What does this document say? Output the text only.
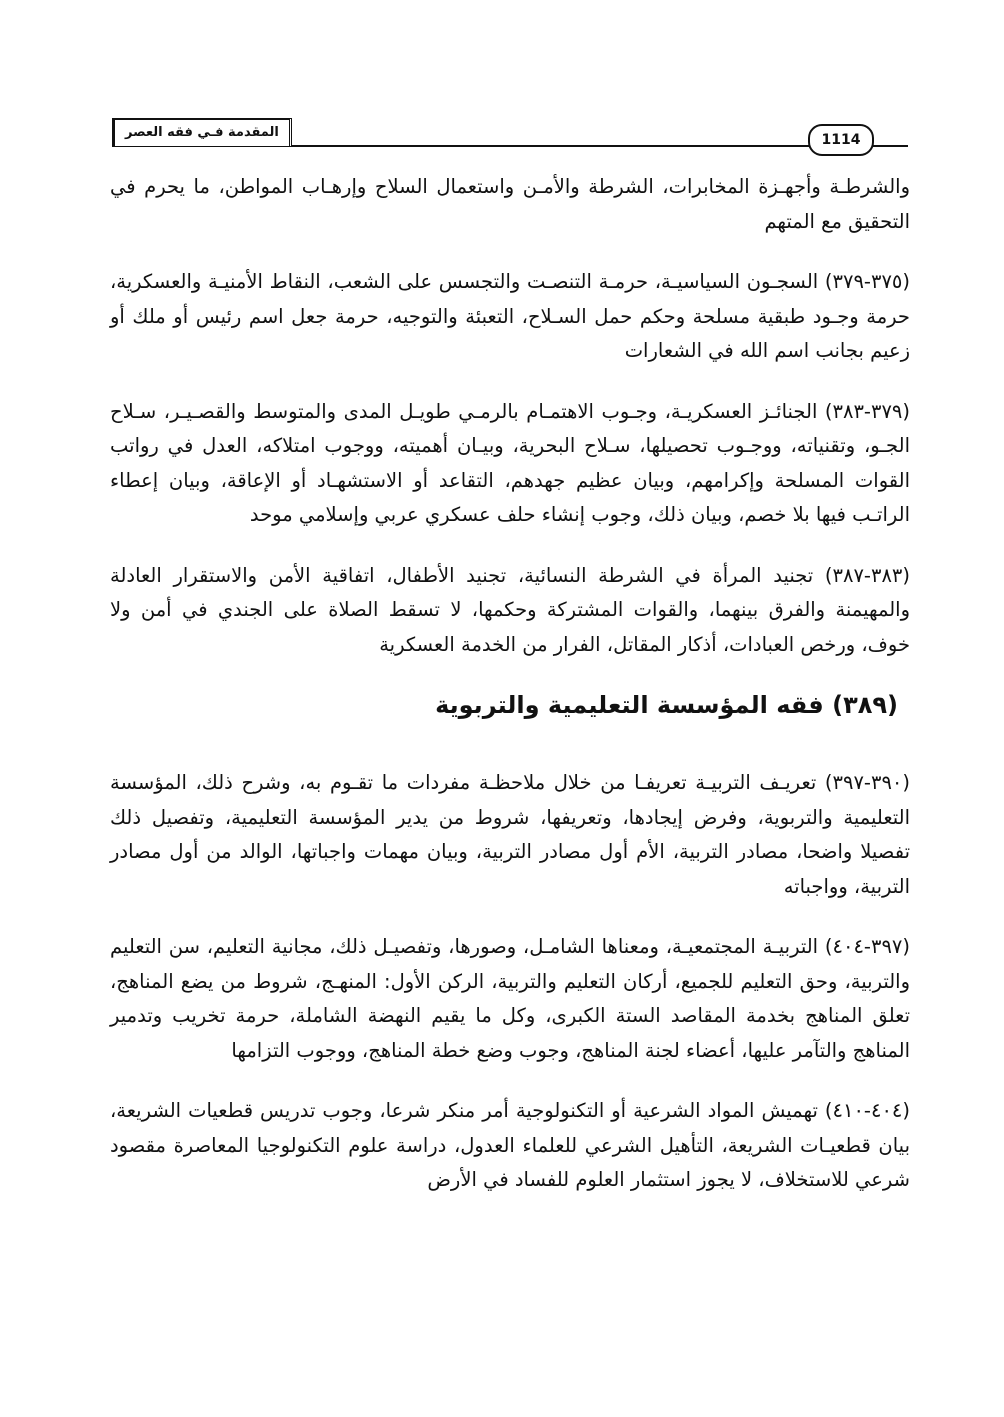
المقدمة فـي فقه العصر	1114

والشرطـة وأجهـزة المخابرات، الشرطة والأمـن واستعمال السلاح وإرهـاب المواطن، ما يحرم في التحقيق مع المتهم

(٣٧٥-٣٧٩) السجـون السياسيـة، حرمـة التنصـت والتجسس على الشعب، النقاط الأمنيـة والعسكرية، حرمة وجـود طبقية مسلحة وحكم حمل السـلاح، التعبئة والتوجيه، حرمة جعل اسم رئيس أو ملك أو زعيم بجانب اسم الله في الشعارات

(٣٧٩-٣٨٣) الجنائـز العسكريـة، وجـوب الاهتمـام بالرمـي طويـل المدى والمتوسط والقصـيـر، سـلاح الجـو، وتقنياته، ووجـوب تحصيلها، سـلاح البحرية، وبيـان أهميته، ووجوب امتلاكه، العدل في رواتب القوات المسلحة وإكرامهم، وبيان عظيم جهدهم، التقاعد أو الاستشهـاد أو الإعاقة، وبيان إعطاء الراتـب فيها بلا خصم، وبيان ذلك، وجوب إنشاء حلف عسكري عربي وإسلامي موحد

(٣٨٣-٣٨٧) تجنيد المرأة في الشرطة النسائية، تجنيد الأطفال، اتفاقية الأمن والاستقرار العادلة والمهيمنة والفرق بينهما، والقوات المشتركة وحكمها، لا تسقط الصلاة على الجندي في أمن ولا خوف، ورخص العبادات، أذكار المقاتل، الفرار من الخدمة العسكرية

(٣٨٩) فقه المؤسسة التعليمية والتربوية

(٣٩٠-٣٩٧) تعريـف التربيـة تعريفـا من خلال ملاحظـة مفردات ما تقـوم به، وشرح ذلك، المؤسسة التعليمية والتربوية، وفرض إيجادها، وتعريفها، شروط من يدير المؤسسة التعليمية، وتفصيل ذلك تفصيلا واضحا، مصادر التربية، الأم أول مصادر التربية، وبيان مهمات واجباتها، الوالد من أول مصادر التربية، وواجباته

(٣٩٧-٤٠٤) التربيـة المجتمعيـة، ومعناها الشامـل، وصورها، وتفصيـل ذلك، مجانية التعليم، سن التعليم والتربية، وحق التعليم للجميع، أركان التعليم والتربية، الركن الأول: المنهـج، شروط من يضع المناهج، تعلق المناهج بخدمة المقاصد الستة الكبرى، وكل ما يقيم النهضة الشاملة، حرمة تخريب وتدمير المناهج والتآمر عليها، أعضاء لجنة المناهج، وجوب وضع خطة المناهج، ووجوب التزامها

(٤٠٤-٤١٠) تهميش المواد الشرعية أو التكنولوجية أمر منكر شرعا، وجوب تدريس قطعيات الشريعة، بيان قطعيـات الشريعة، التأهيل الشرعي للعلماء العدول، دراسة علوم التكنولوجيا المعاصرة مقصود شرعي للاستخلاف، لا يجوز استثمار العلوم للفساد في الأرض
